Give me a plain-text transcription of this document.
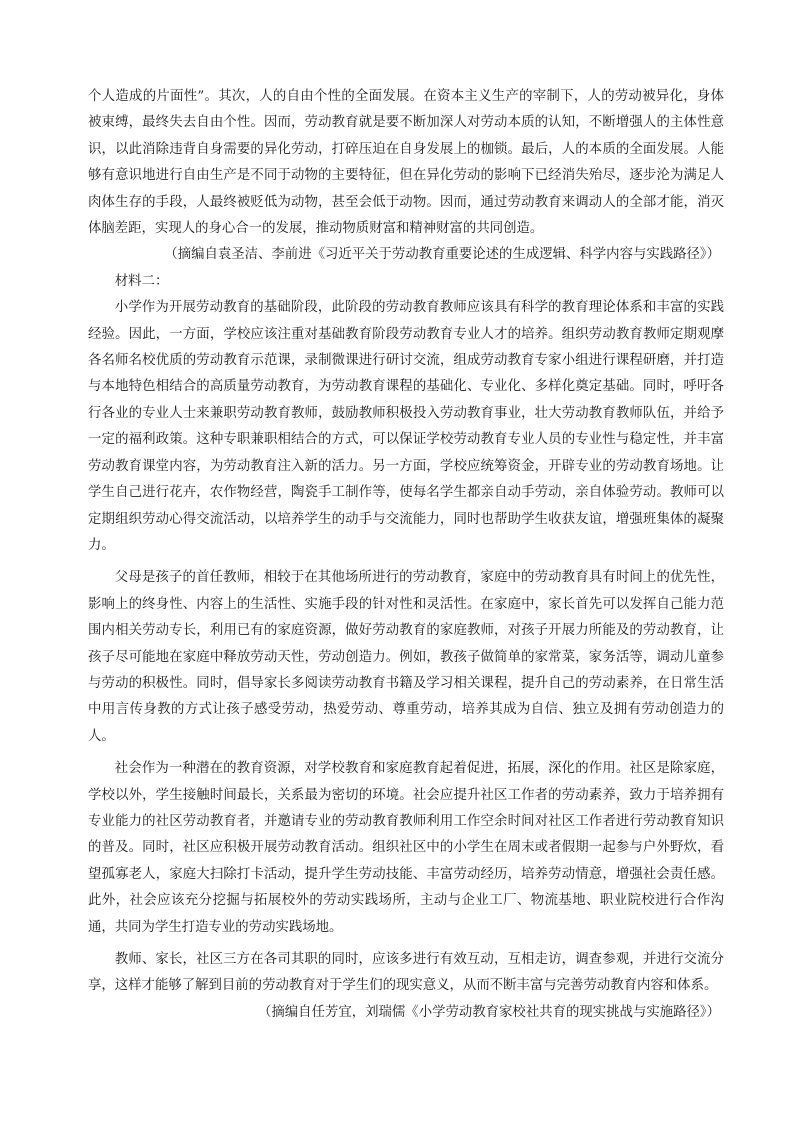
个人造成的片面性”。其次，人的自由个性的全面发展。在资本主义生产的宰制下，人的劳动被异化，身体被束缚，最终失去自由个性。因而，劳动教育就是要不断加深人对劳动本质的认知，不断增强人的主体性意识，以此消除违背自身需要的异化劳动，打碎压迫在自身发展上的枷锁。最后，人的本质的全面发展。人能够有意识地进行自由生产是不同于动物的主要特征，但在异化劳动的影响下已经消失殆尽，逐步沦为满足人肉体生存的手段，人最终被贬低为动物，甚至会低于动物。因而，通过劳动教育来调动人的全部才能，消灭体脑差距，实现人的身心合一的发展，推动物质财富和精神财富的共同创造。

（摘编自袁圣洁、李前进《习近平关于劳动教育重要论述的生成逻辑、科学内容与实践路径》）

材料二：

小学作为开展劳动教育的基础阶段，此阶段的劳动教育教师应该具有科学的教育理论体系和丰富的实践经验。因此，一方面，学校应该注重对基础教育阶段劳动教育专业人才的培养。组织劳动教育教师定期观摩各名师名校优质的劳动教育示范课，录制微课进行研讨交流，组成劳动教育专家小组进行课程研磨，并打造与本地特色相结合的高质量劳动教育，为劳动教育课程的基础化、专业化、多样化奠定基础。同时，呼吁各行各业的专业人士来兼职劳动教育教师，鼓励教师积极投入劳动教育事业，壮大劳动教育教师队伍，并给予一定的福利政策。这种专职兼职相结合的方式，可以保证学校劳动教育专业人员的专业性与稳定性，并丰富劳动教育课堂内容，为劳动教育注入新的活力。另一方面，学校应统筹资金，开辟专业的劳动教育场地。让学生自己进行花卉，农作物经营，陶瓷手工制作等，使每名学生都亲自动手劳动，亲自体验劳动。教师可以定期组织劳动心得交流活动，以培养学生的动手与交流能力，同时也帮助学生收获友谊，增强班集体的凝聚力。

父母是孩子的首任教师，相较于在其他场所进行的劳动教育，家庭中的劳动教育具有时间上的优先性，影响上的终身性、内容上的生活性、实施手段的针对性和灵活性。在家庭中，家长首先可以发挥自己能力范围内相关劳动专长，利用已有的家庭资源，做好劳动教育的家庭教师，对孩子开展力所能及的劳动教育，让孩子尽可能地在家庭中释放劳动天性，劳动创造力。例如，教孩子做简单的家常菜，家务活等，调动儿童参与劳动的积极性。同时，倡导家长多阅读劳动教育书籍及学习相关课程，提升自己的劳动素养，在日常生活中用言传身教的方式让孩子感受劳动，热爱劳动、尊重劳动，培养其成为自信、独立及拥有劳动创造力的人。

社会作为一种潜在的教育资源，对学校教育和家庭教育起着促进，拓展，深化的作用。社区是除家庭，学校以外，学生接触时间最长，关系最为密切的环境。社会应提升社区工作者的劳动素养，致力于培养拥有专业能力的社区劳动教育者，并邀请专业的劳动教育教师利用工作空余时间对社区工作者进行劳动教育知识的普及。同时，社区应积极开展劳动教育活动。组织社区中的小学生在周末或者假期一起参与户外野炊，看望孤寡老人，家庭大扫除打卡活动，提升学生劳动技能、丰富劳动经历，培养劳动情意，增强社会责任感。此外，社会应该充分挖掘与拓展校外的劳动实践场所，主动与企业工厂、物流基地、职业院校进行合作沟通，共同为学生打造专业的劳动实践场地。

教师、家长，社区三方在各司其职的同时，应该多进行有效互动，互相走访，调查参观，并进行交流分享，这样才能够了解到目前的劳动教育对于学生们的现实意义，从而不断丰富与完善劳动教育内容和体系。

（摘编自任芳宜，刘瑞儒《小学劳动教育家校社共育的现实挑战与实施路径》）
